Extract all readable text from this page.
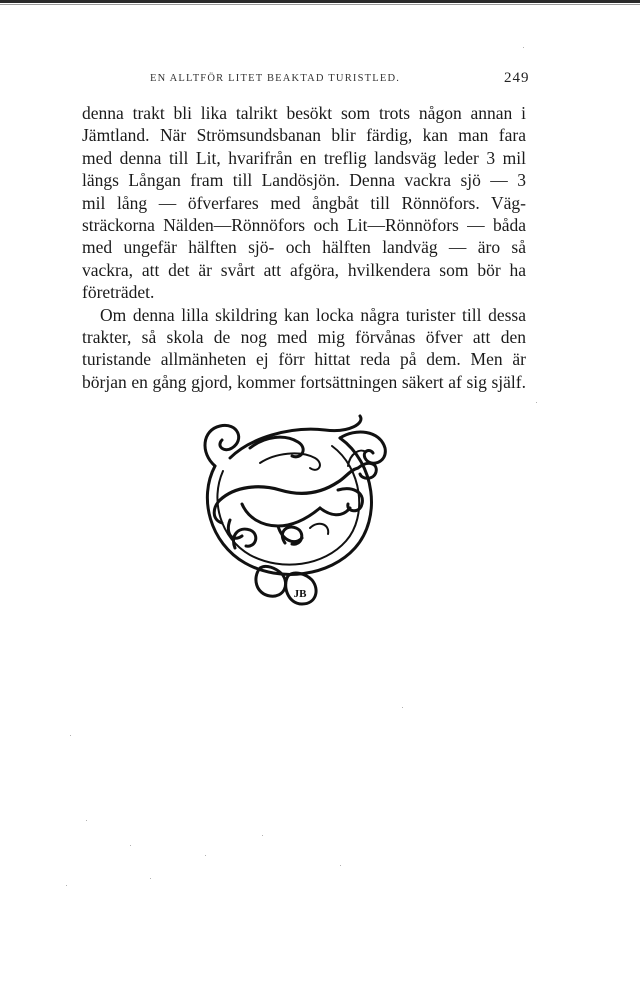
EN ALLTFÖR LITET BEAKTAD TURISTLED.	249
denna trakt bli lika talrikt besökt som trots någon annan i
Jämtland. När Strömsundsbanan blir färdig, kan man fara
med denna till Lit, hvarifrån en treflig landsväg leder 3 mil
längs Långan fram till Landösjön. Denna vackra sjö — 3
mil lång — öfverfares med ångbåt till Rönnöfors. Väg-
sträckorna Nälden—Rönnöfors och Lit—Rönnöfors — båda
med ungefär hälften sjö- och hälften landväg — äro så
vackra, att det är svårt att afgöra, hvilkendera som bör ha
företrädet.
Om denna lilla skildring kan locka några turister till dessa
trakter, så skola de nog med mig förvånas öfver att den
turistande allmänheten ej förr hittat reda på dem. Men är
början en gång gjord, kommer fortsättningen säkert af sig själf.
JB
